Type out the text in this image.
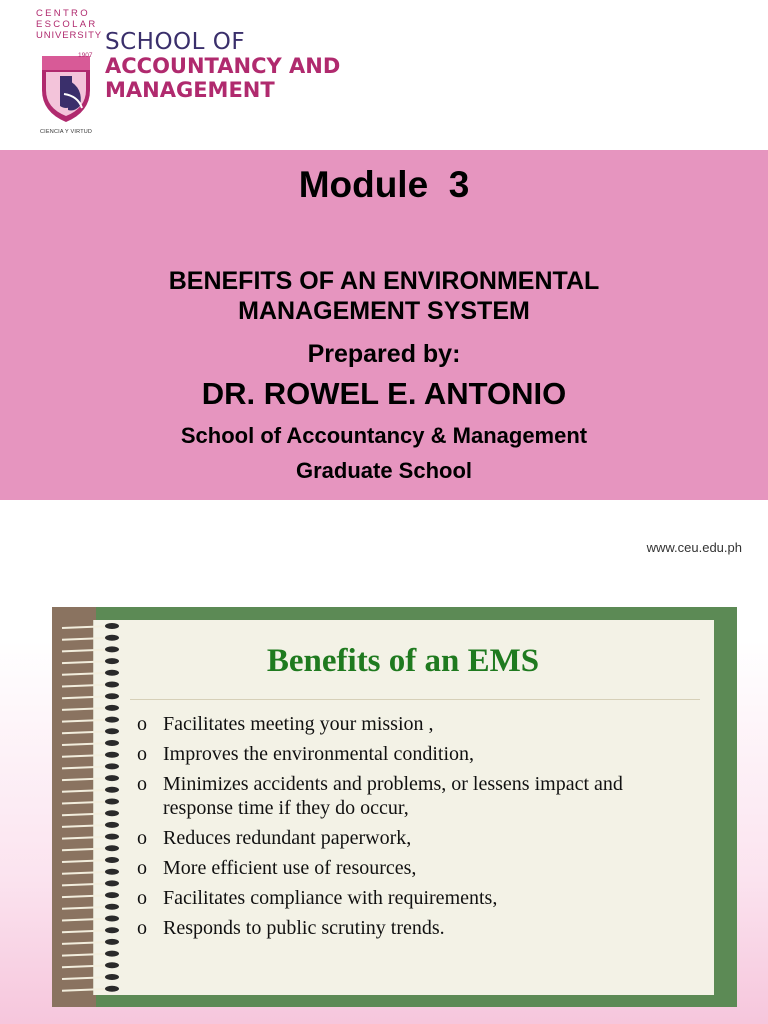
CENTRO
ESCOLAR
UNIVERSITY
1907
CIENCIA Y VIRTUD
SCHOOL OF
ACCOUNTANCY AND
MANAGEMENT
Module  3
BENEFITS OF AN ENVIRONMENTAL
MANAGEMENT SYSTEM
Prepared by:
DR. ROWEL E. ANTONIO
School of Accountancy & Management
Graduate School
www.ceu.edu.ph
Benefits of an EMS
o Facilitates meeting your mission ,
o Improves the environmental condition,
o Minimizes accidents and problems, or lessens impact and response time if they do occur,
o Reduces redundant paperwork,
o More efficient use of resources,
o Facilitates compliance with requirements,
o Responds to public scrutiny trends.
